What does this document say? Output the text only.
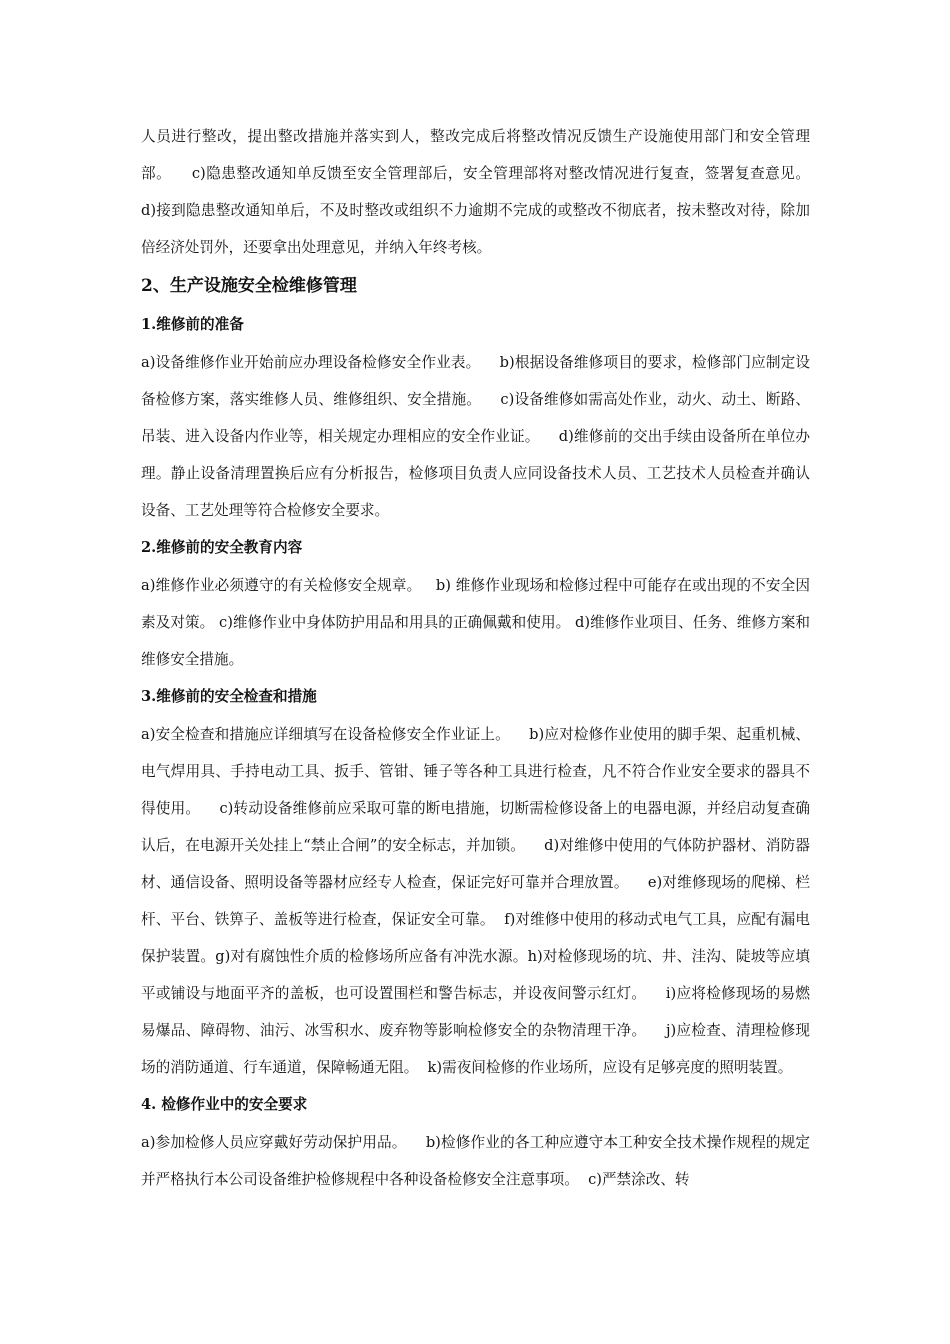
人员进行整改，提出整改措施并落实到人，整改完成后将整改情况反馈生产设施使用部门和安全管理部。    c)隐患整改通知单反馈至安全管理部后，安全管理部将对整改情况进行复查，签署复查意见。    d)接到隐患整改通知单后，不及时整改或组织不力逾期不完成的或整改不彻底者，按未整改对待，除加倍经济处罚外，还要拿出处理意见，并纳入年终考核。

2、生产设施安全检维修管理
1.维修前的准备

a)设备维修作业开始前应办理设备检修安全作业表。    b)根据设备维修项目的要求，检修部门应制定设备检修方案，落实维修人员、维修组织、安全措施。    c)设备维修如需高处作业，动火、动土、断路、吊装、进入设备内作业等，相关规定办理相应的安全作业证。    d)维修前的交出手续由设备所在单位办理。静止设备清理置换后应有分析报告，检修项目负责人应同设备技术人员、工艺技术人员检查并确认设备、工艺处理等符合检修安全要求。

2.维修前的安全教育内容

a)维修作业必须遵守的有关检修安全规章。   b) 维修作业现场和检修过程中可能存在或出现的不安全因素及对策。 c)维修作业中身体防护用品和用具的正确佩戴和使用。 d)维修作业项目、任务、维修方案和维修安全措施。

3.维修前的安全检查和措施

a)安全检查和措施应详细填写在设备检修安全作业证上。    b)应对检修作业使用的脚手架、起重机械、电气焊用具、手持电动工具、扳手、管钳、锤子等各种工具进行检查，凡不符合作业安全要求的器具不得使用。    c)转动设备维修前应采取可靠的断电措施，切断需检修设备上的电器电源，并经启动复查确认后，在电源开关处挂上“禁止合闸”的安全标志，并加锁。    d)对维修中使用的气体防护器材、消防器材、通信设备、照明设备等器材应经专人检查，保证完好可靠并合理放置。    e)对维修现场的爬梯、栏杆、平台、铁箅子、盖板等进行检查，保证安全可靠。  f)对维修中使用的移动式电气工具，应配有漏电保护装置。g)对有腐蚀性介质的检修场所应备有冲洗水源。h)对检修现场的坑、井、洼沟、陡坡等应填平或铺设与地面平齐的盖板，也可设置围栏和警告标志，并设夜间警示红灯。    i)应将检修现场的易燃易爆品、障碍物、油污、冰雪积水、废弃物等影响检修安全的杂物清理干净。    j)应检查、清理检修现场的消防通道、行车通道，保障畅通无阻。  k)需夜间检修的作业场所，应设有足够亮度的照明装置。

4. 检修作业中的安全要求

a)参加检修人员应穿戴好劳动保护用品。    b)检修作业的各工种应遵守本工种安全技术操作规程的规定并严格执行本公司设备维护检修规程中各种设备检修安全注意事项。  c)严禁涂改、转
